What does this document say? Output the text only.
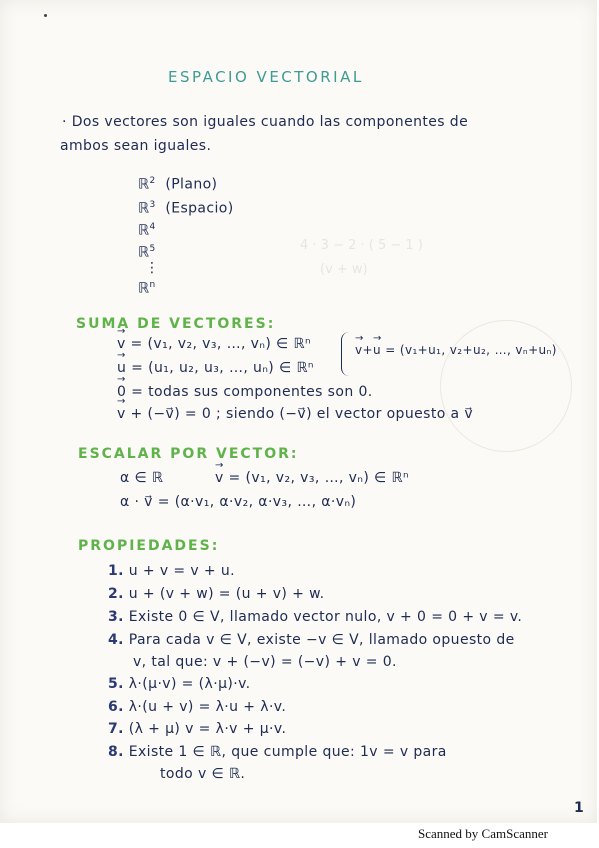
ESPACIO VECTORIAL
· Dos vectores son iguales cuando las componentes de
ambos sean iguales.
ℝ$^2$ (Plano)
ℝ$^3$ (Espacio)
ℝ$^4$
ℝ$^5$
⋮
ℝ$^n$
4 · 3 − 2 · ( 5 − 1 )
(v + w)
SUMA DE VECTORES:
→ v = (v₁, v₂, v₃, …, vₙ) ∈ ℝⁿ
→ u = (u₁, u₂, u₃, …, uₙ) ∈ ℝⁿ
→ v+→ u = (v₁+u₁, v₂+u₂, …, vₙ+uₙ)
→ 0 = todas sus componentes son 0.
→ v + (−v⃗) = 0 ; siendo (−v⃗) el vector opuesto a v⃗
ESCALAR POR VECTOR:
α ∈ ℝ
→	v = (v₁, v₂, v₃, …, vₙ) ∈ ℝⁿ
α · v⃗ = (α·v₁, α·v₂, α·v₃, …, α·vₙ)
PROPIEDADES:
1. u + v = v + u.
2. u + (v + w) = (u + v) + w.
3. Existe 0 ∈ V, llamado vector nulo, v + 0 = 0 + v = v.
4. Para cada v ∈ V, existe −v ∈ V, llamado opuesto de
v, tal que: v + (−v) = (−v) + v = 0.
5. λ·(μ·v) = (λ·μ)·v.
6. λ·(u + v) = λ·u + λ·v.
7. (λ + μ) v = λ·v + μ·v.
8. Existe 1 ∈ ℝ, que cumple que: 1v = v para
todo v ∈ ℝ.
1
Scanned by CamScanner
